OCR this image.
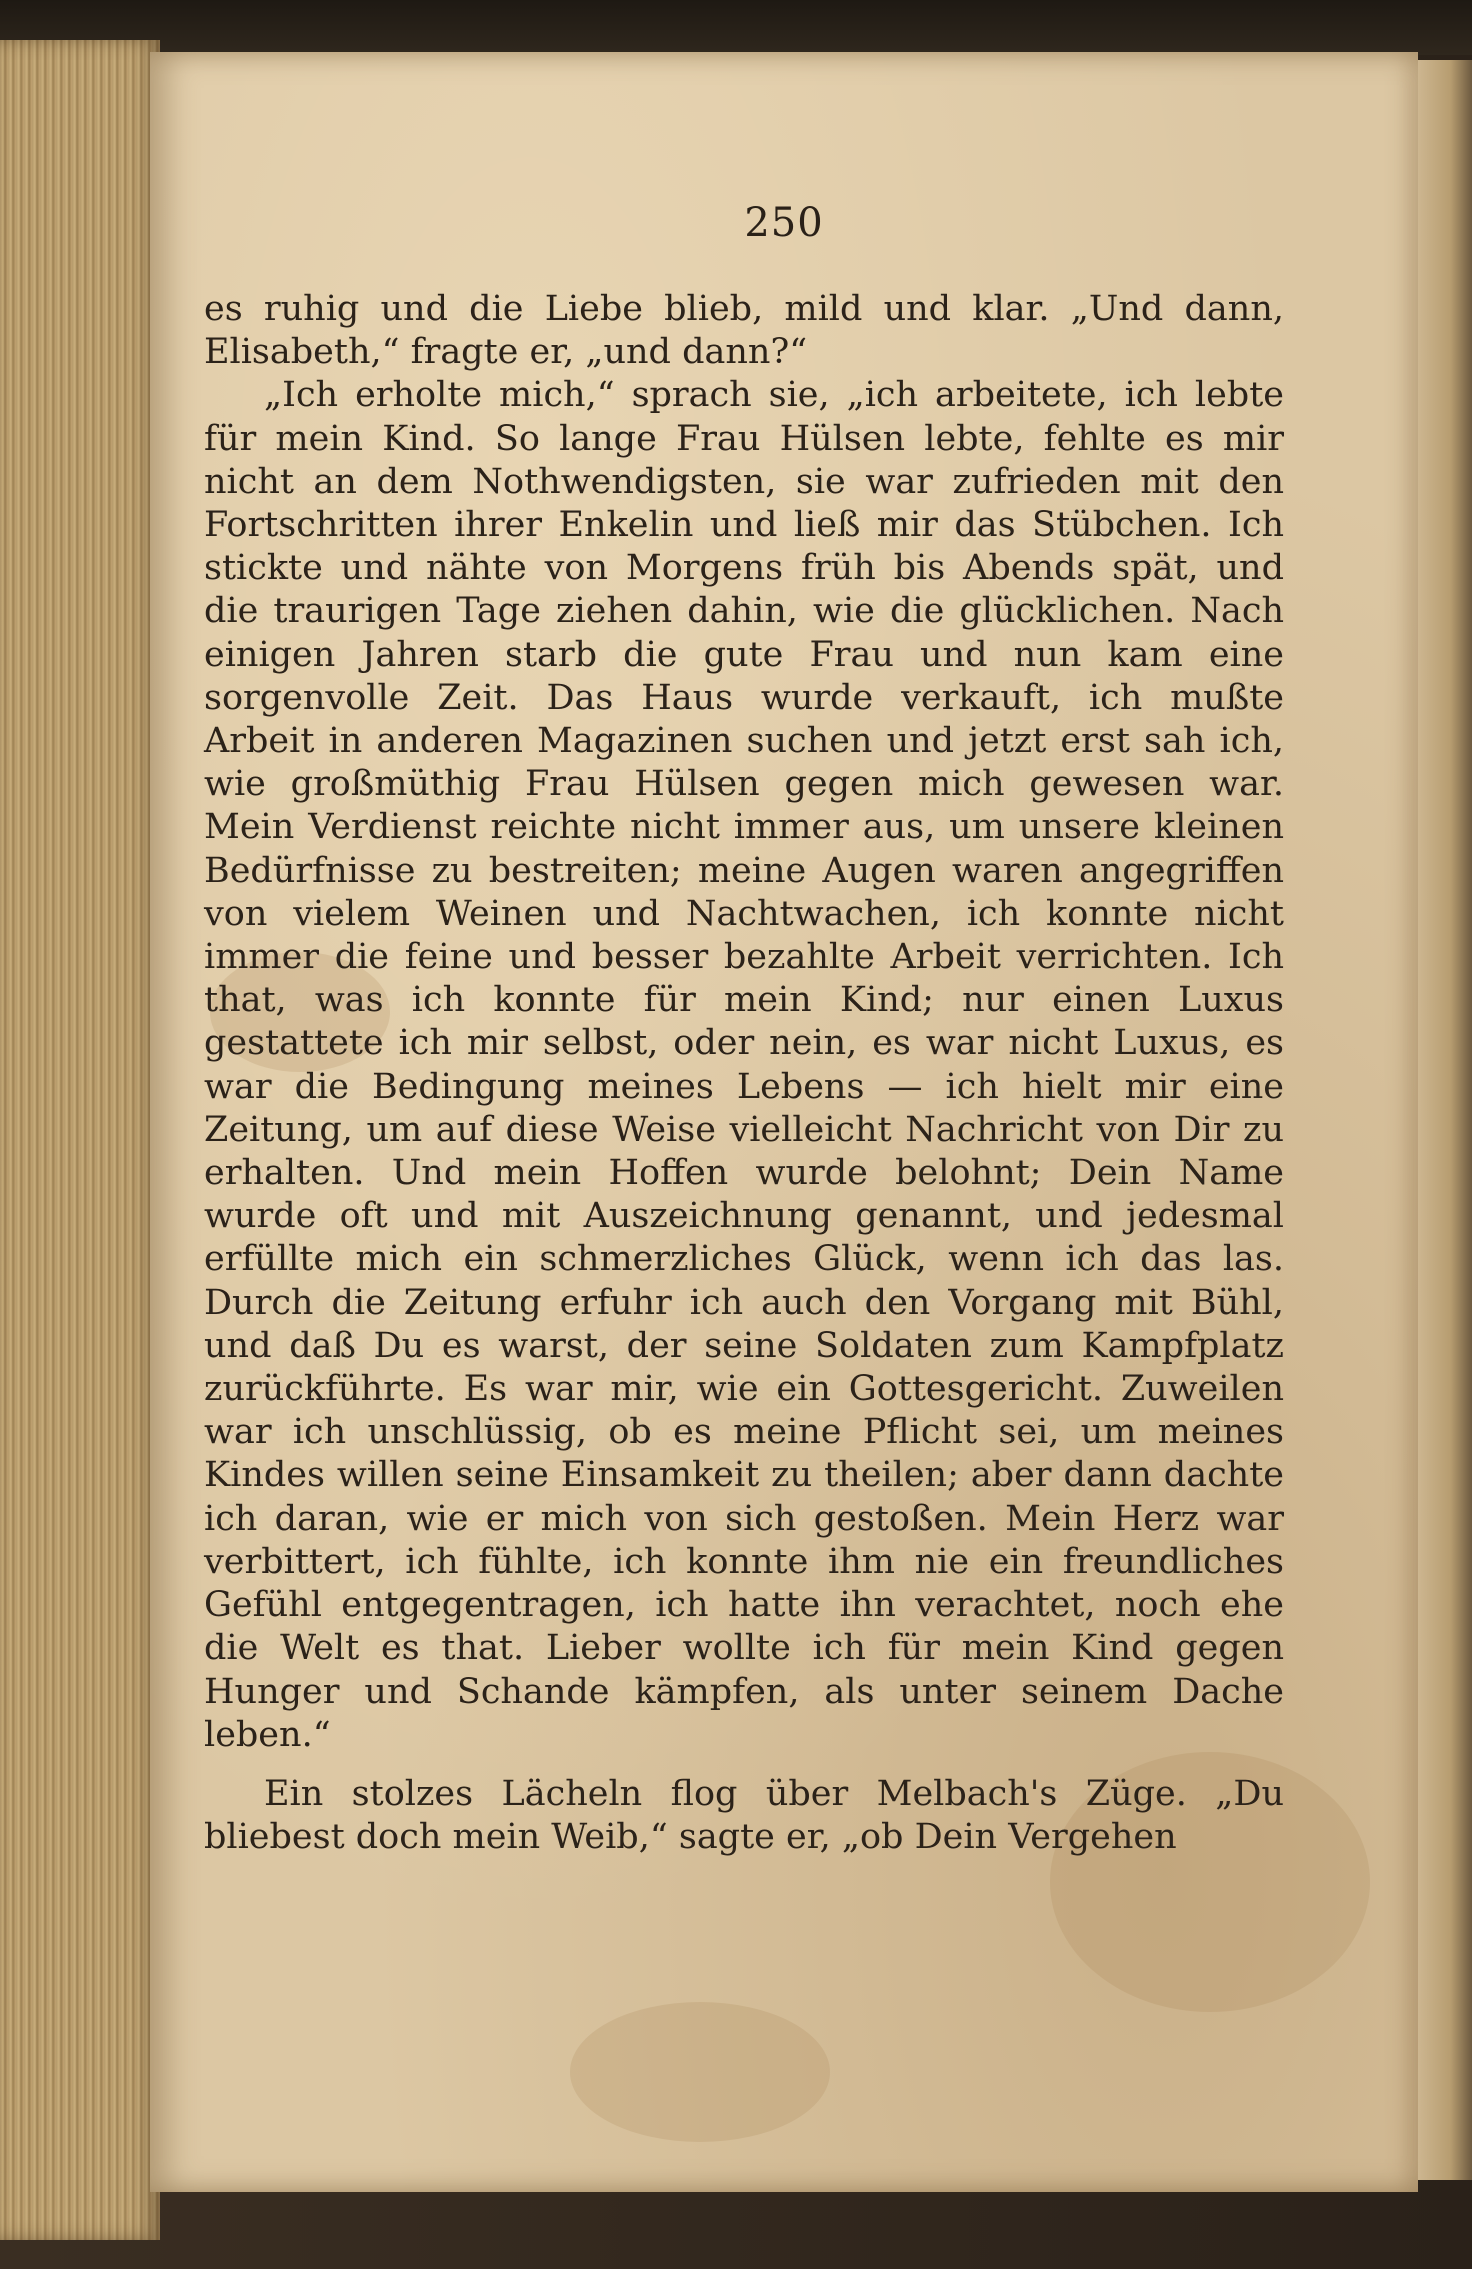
250

es ruhig und die Liebe blieb, mild und klar. „Und dann, Elisabeth,“ fragte er, „und dann?“

„Ich erholte mich,“ sprach sie, „ich arbeitete, ich lebte für mein Kind. So lange Frau Hülsen lebte, fehlte es mir nicht an dem Nothwendigsten, sie war zufrieden mit den Fortschritten ihrer Enkelin und ließ mir das Stübchen. Ich stickte und nähte von Morgens früh bis Abends spät, und die traurigen Tage ziehen dahin, wie die glücklichen. Nach einigen Jahren starb die gute Frau und nun kam eine sorgenvolle Zeit. Das Haus wurde verkauft, ich mußte Arbeit in anderen Magazinen suchen und jetzt erst sah ich, wie großmüthig Frau Hülsen gegen mich gewesen war. Mein Verdienst reichte nicht immer aus, um unsere kleinen Bedürfnisse zu bestreiten; meine Augen waren angegriffen von vielem Weinen und Nachtwachen, ich konnte nicht immer die feine und besser bezahlte Arbeit verrichten. Ich that, was ich konnte für mein Kind; nur einen Luxus gestattete ich mir selbst, oder nein, es war nicht Luxus, es war die Bedingung meines Lebens — ich hielt mir eine Zeitung, um auf diese Weise vielleicht Nachricht von Dir zu erhalten. Und mein Hoffen wurde belohnt; Dein Name wurde oft und mit Auszeichnung genannt, und jedesmal erfüllte mich ein schmerzliches Glück, wenn ich das las. Durch die Zeitung erfuhr ich auch den Vorgang mit Bühl, und daß Du es warst, der seine Soldaten zum Kampfplatz zurückführte. Es war mir, wie ein Gottesgericht. Zuweilen war ich unschlüssig, ob es meine Pflicht sei, um meines Kindes willen seine Einsamkeit zu theilen; aber dann dachte ich daran, wie er mich von sich gestoßen. Mein Herz war verbittert, ich fühlte, ich konnte ihm nie ein freundliches Gefühl entgegentragen, ich hatte ihn verachtet, noch ehe die Welt es that. Lieber wollte ich für mein Kind gegen Hunger und Schande kämpfen, als unter seinem Dache leben.“

Ein stolzes Lächeln flog über Melbach's Züge. „Du bliebest doch mein Weib,“ sagte er, „ob Dein Vergehen
